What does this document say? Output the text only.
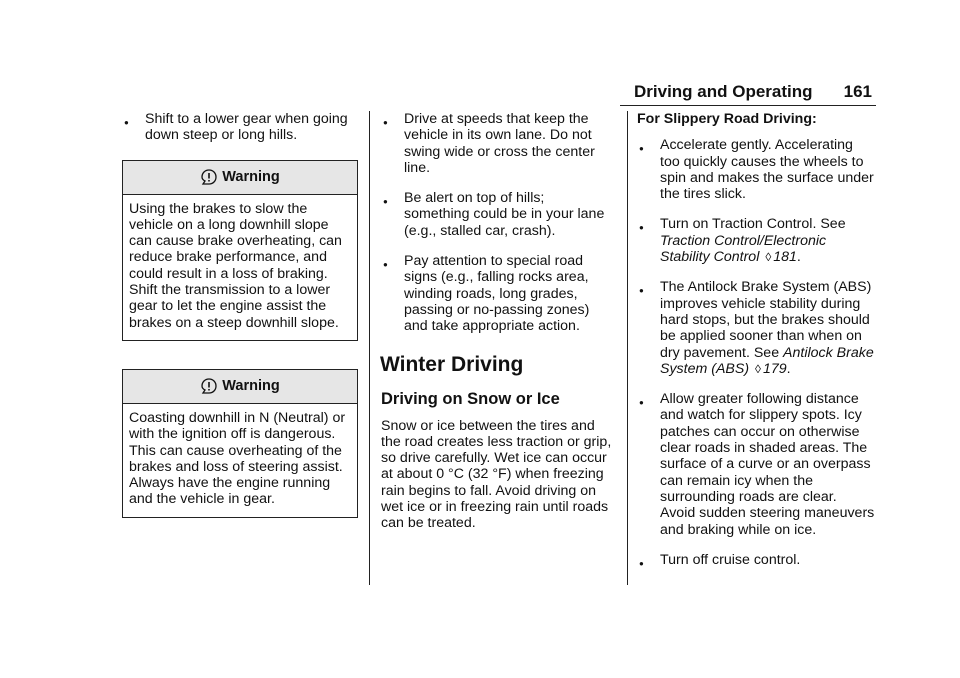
Driving and Operating 161
● Shift to a lower gear when going down steep or long hills.

Warning
Using the brakes to slow the vehicle on a long downhill slope can cause brake overheating, can reduce brake performance, and could result in a loss of braking. Shift the transmission to a lower gear to let the engine assist the brakes on a steep downhill slope.
Warning
Coasting downhill in N (Neutral) or with the ignition off is dangerous. This can cause overheating of the brakes and loss of steering assist. Always have the engine running and the vehicle in gear.
● Drive at speeds that keep the vehicle in its own lane. Do not swing wide or cross the center line.

● Be alert on top of hills; something could be in your lane (e.g., stalled car, crash).

● Pay attention to special road signs (e.g., falling rocks area, winding roads, long grades, passing or no-passing zones) and take appropriate action.

Winter Driving
Driving on Snow or Ice

Snow or ice between the tires and the road creates less traction or grip, so drive carefully. Wet ice can occur at about 0 °C (32 °F) when freezing rain begins to fall. Avoid driving on wet ice or in freezing rain until roads can be treated.

For Slippery Road Driving:

● Accelerate gently. Accelerating too quickly causes the wheels to spin and makes the surface under the tires slick.

● Turn on Traction Control. See Traction Control/Electronic Stability Control ◊ 181.

● The Antilock Brake System (ABS) improves vehicle stability during hard stops, but the brakes should be applied sooner than when on dry pavement. See Antilock Brake System (ABS) ◊ 179.

● Allow greater following distance and watch for slippery spots. Icy patches can occur on otherwise clear roads in shaded areas. The surface of a curve or an overpass can remain icy when the surrounding roads are clear. Avoid sudden steering maneuvers and braking while on ice.

● Turn off cruise control.
